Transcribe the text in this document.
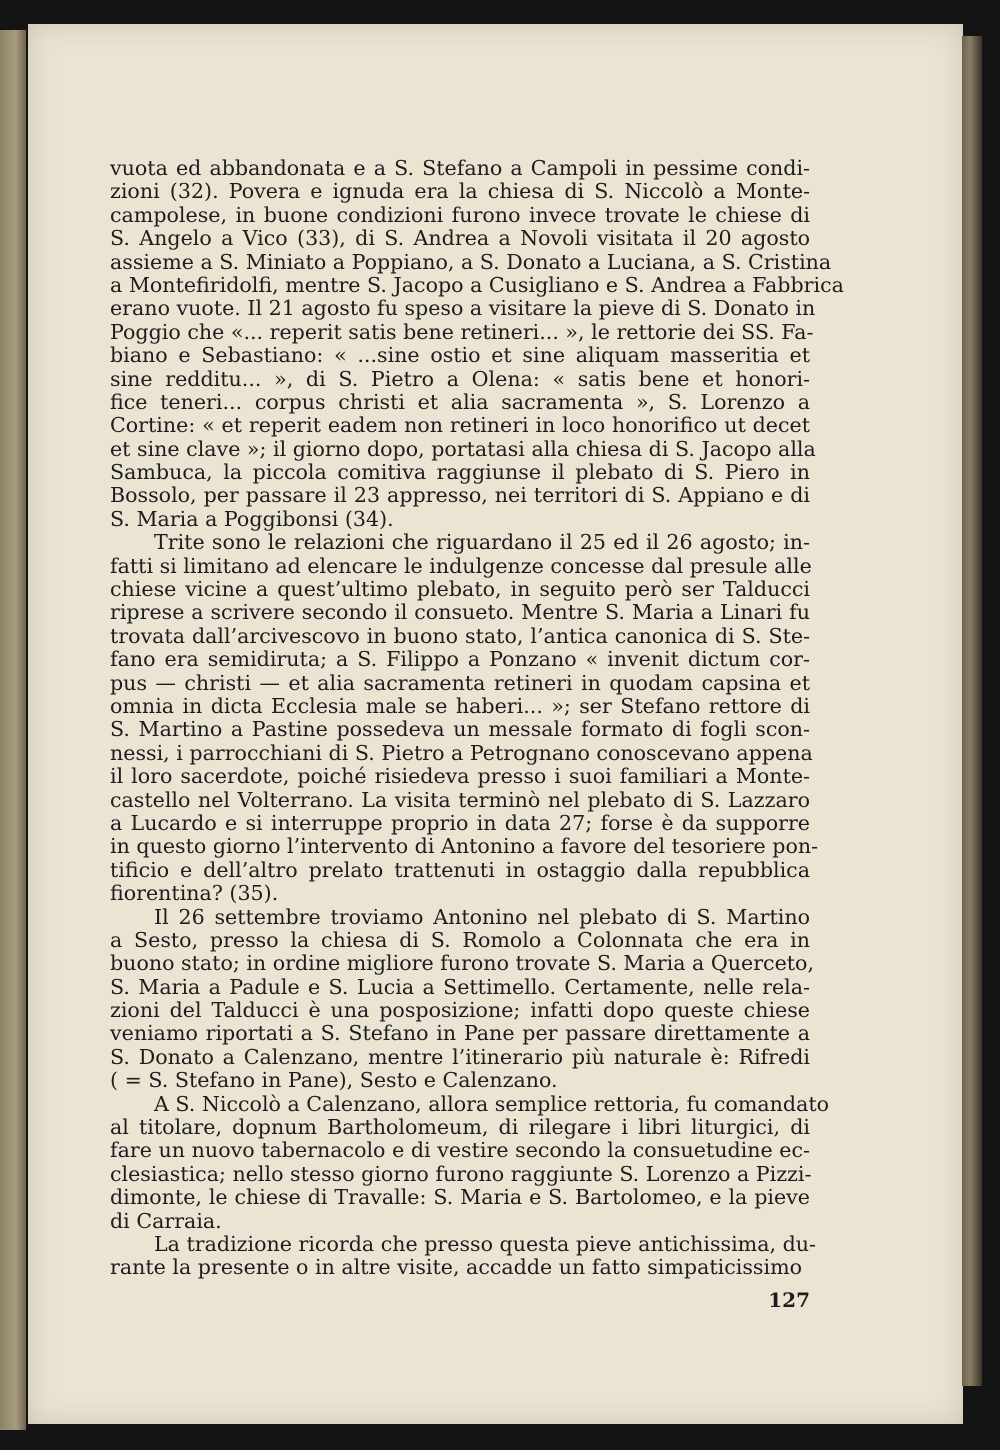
vuota ed abbandonata e a S. Stefano a Campoli in pessime condi-
zioni (32). Povera e ignuda era la chiesa di S. Niccolò a Monte-
campolese, in buone condizioni furono invece trovate le chiese di
S. Angelo a Vico (33), di S. Andrea a Novoli visitata il 20 agosto
assieme a S. Miniato a Poppiano, a S. Donato a Luciana, a S. Cristina
a Montefiridolfi, mentre S. Jacopo a Cusigliano e S. Andrea a Fabbrica
erano vuote. Il 21 agosto fu speso a visitare la pieve di S. Donato in
Poggio che «... reperit satis bene retineri... », le rettorie dei SS. Fa-
biano e Sebastiano: « ...sine ostio et sine aliquam masseritia et
sine redditu... », di S. Pietro a Olena: « satis bene et honori-
fice teneri... corpus christi et alia sacramenta », S. Lorenzo a
Cortine: « et reperit eadem non retineri in loco honorifico ut decet
et sine clave »; il giorno dopo, portatasi alla chiesa di S. Jacopo alla
Sambuca, la piccola comitiva raggiunse il plebato di S. Piero in
Bossolo, per passare il 23 appresso, nei territori di S. Appiano e di
S. Maria a Poggibonsi (34).
Trite sono le relazioni che riguardano il 25 ed il 26 agosto; in-
fatti si limitano ad elencare le indulgenze concesse dal presule alle
chiese vicine a quest’ultimo plebato, in seguito però ser Talducci
riprese a scrivere secondo il consueto. Mentre S. Maria a Linari fu
trovata dall’arcivescovo in buono stato, l’antica canonica di S. Ste-
fano era semidiruta; a S. Filippo a Ponzano « invenit dictum cor-
pus — christi — et alia sacramenta retineri in quodam capsina et
omnia in dicta Ecclesia male se haberi... »; ser Stefano rettore di
S. Martino a Pastine possedeva un messale formato di fogli scon-
nessi, i parrocchiani di S. Pietro a Petrognano conoscevano appena
il loro sacerdote, poiché risiedeva presso i suoi familiari a Monte-
castello nel Volterrano. La visita terminò nel plebato di S. Lazzaro
a Lucardo e si interruppe proprio in data 27; forse è da supporre
in questo giorno l’intervento di Antonino a favore del tesoriere pon-
tificio e dell’altro prelato trattenuti in ostaggio dalla repubblica
fiorentina? (35).
Il 26 settembre troviamo Antonino nel plebato di S. Martino
a Sesto, presso la chiesa di S. Romolo a Colonnata che era in
buono stato; in ordine migliore furono trovate S. Maria a Querceto,
S. Maria a Padule e S. Lucia a Settimello. Certamente, nelle rela-
zioni del Talducci è una posposizione; infatti dopo queste chiese
veniamo riportati a S. Stefano in Pane per passare direttamente a
S. Donato a Calenzano, mentre l’itinerario più naturale è: Rifredi
( = S. Stefano in Pane), Sesto e Calenzano.
A S. Niccolò a Calenzano, allora semplice rettoria, fu comandato
al titolare, dopnum Bartholomeum, di rilegare i libri liturgici, di
fare un nuovo tabernacolo e di vestire secondo la consuetudine ec-
clesiastica; nello stesso giorno furono raggiunte S. Lorenzo a Pizzi-
dimonte, le chiese di Travalle: S. Maria e S. Bartolomeo, e la pieve
di Carraia.
La tradizione ricorda che presso questa pieve antichissima, du-
rante la presente o in altre visite, accadde un fatto simpaticissimo
127
